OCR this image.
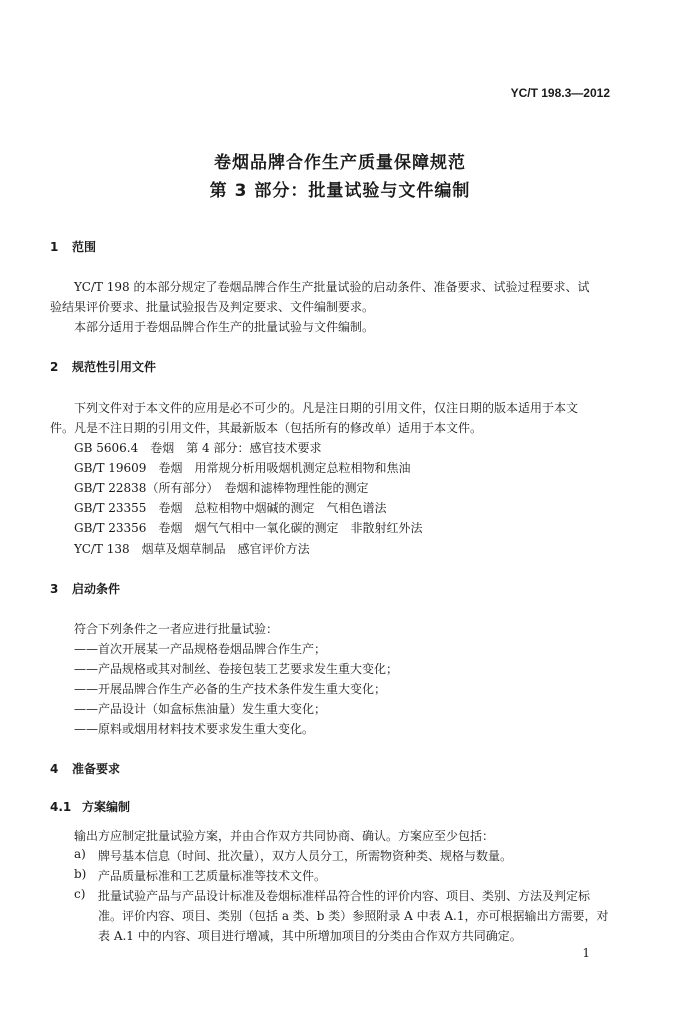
YC/T 198.3—2012
卷烟品牌合作生产质量保障规范
第 3 部分：批量试验与文件编制
1 范围
YC/T 198 的本部分规定了卷烟品牌合作生产批量试验的启动条件、准备要求、试验过程要求、试
验结果评价要求、批量试验报告及判定要求、文件编制要求。
本部分适用于卷烟品牌合作生产的批量试验与文件编制。
2 规范性引用文件
下列文件对于本文件的应用是必不可少的。凡是注日期的引用文件，仅注日期的版本适用于本文
件。凡是不注日期的引用文件，其最新版本（包括所有的修改单）适用于本文件。
GB 5606.4　卷烟　第 4 部分：感官技术要求
GB/T 19609　卷烟　用常规分析用吸烟机测定总粒相物和焦油
GB/T 22838（所有部分）　卷烟和滤棒物理性能的测定
GB/T 23355　卷烟　总粒相物中烟碱的测定　气相色谱法
GB/T 23356　卷烟　烟气气相中一氧化碳的测定　非散射红外法
YC/T 138　烟草及烟草制品　感官评价方法
3 启动条件
符合下列条件之一者应进行批量试验：
——首次开展某一产品规格卷烟品牌合作生产；
——产品规格或其对制丝、卷接包装工艺要求发生重大变化；
——开展品牌合作生产必备的生产技术条件发生重大变化；
——产品设计（如盒标焦油量）发生重大变化；
——原料或烟用材料技术要求发生重大变化。
4 准备要求
4.1 方案编制
输出方应制定批量试验方案，并由合作双方共同协商、确认。方案应至少包括：
a) 牌号基本信息（时间、批次量），双方人员分工，所需物资种类、规格与数量。
b) 产品质量标准和工艺质量标准等技术文件。
c) 批量试验产品与产品设计标准及卷烟标准样品符合性的评价内容、项目、类别、方法及判定标
准。评价内容、项目、类别（包括 a 类、b 类）参照附录 A 中表 A.1，亦可根据输出方需要，对
表 A.1 中的内容、项目进行增减，其中所增加项目的分类由合作双方共同确定。
1
